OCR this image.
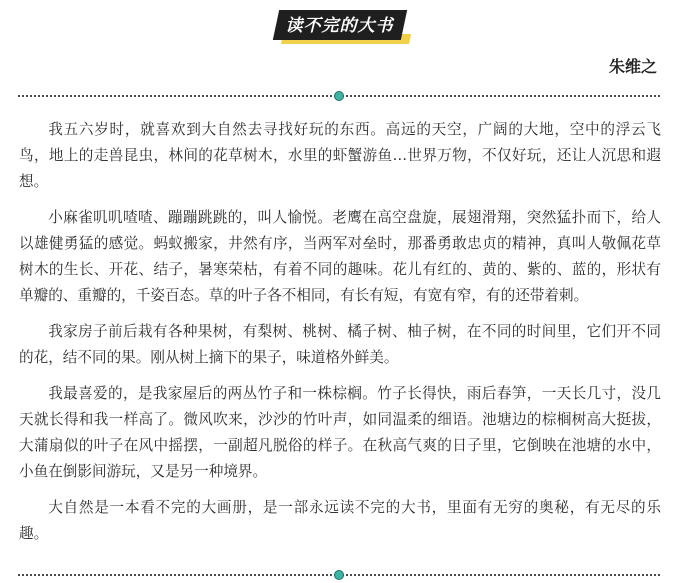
读不完的大书
朱维之

我五六岁时，就喜欢到大自然去寻找好玩的东西。高远的天空，广阔的大地，空中的浮云飞鸟，地上的走兽昆虫，林间的花草树木，水里的虾蟹游鱼…世界万物，不仅好玩，还让人沉思和遐想。

小麻雀叽叽喳喳、蹦蹦跳跳的，叫人愉悦。老鹰在高空盘旋，展翅滑翔，突然猛扑而下，给人以雄健勇猛的感觉。蚂蚁搬家，井然有序，当两军对垒时，那番勇敢忠贞的精神，真叫人敬佩花草树木的生长、开花、结子，暑寒荣枯，有着不同的趣味。花儿有红的、黄的、紫的、蓝的，形状有单瓣的、重瓣的，千姿百态。草的叶子各不相同，有长有短，有宽有窄，有的还带着刺。

我家房子前后栽有各种果树，有梨树、桃树、橘子树、柚子树，在不同的时间里，它们开不同的花，结不同的果。刚从树上摘下的果子，味道格外鲜美。

我最喜爱的，是我家屋后的两丛竹子和一株棕榈。竹子长得快，雨后春笋，一天长几寸，没几天就长得和我一样高了。微风吹来，沙沙的竹叶声，如同温柔的细语。池塘边的棕榈树高大挺拔，大蒲扇似的叶子在风中摇摆，一副超凡脱俗的样子。在秋高气爽的日子里，它倒映在池塘的水中，小鱼在倒影间游玩，又是另一种境界。

大自然是一本看不完的大画册，是一部永远读不完的大书，里面有无穷的奥秘，有无尽的乐趣。
